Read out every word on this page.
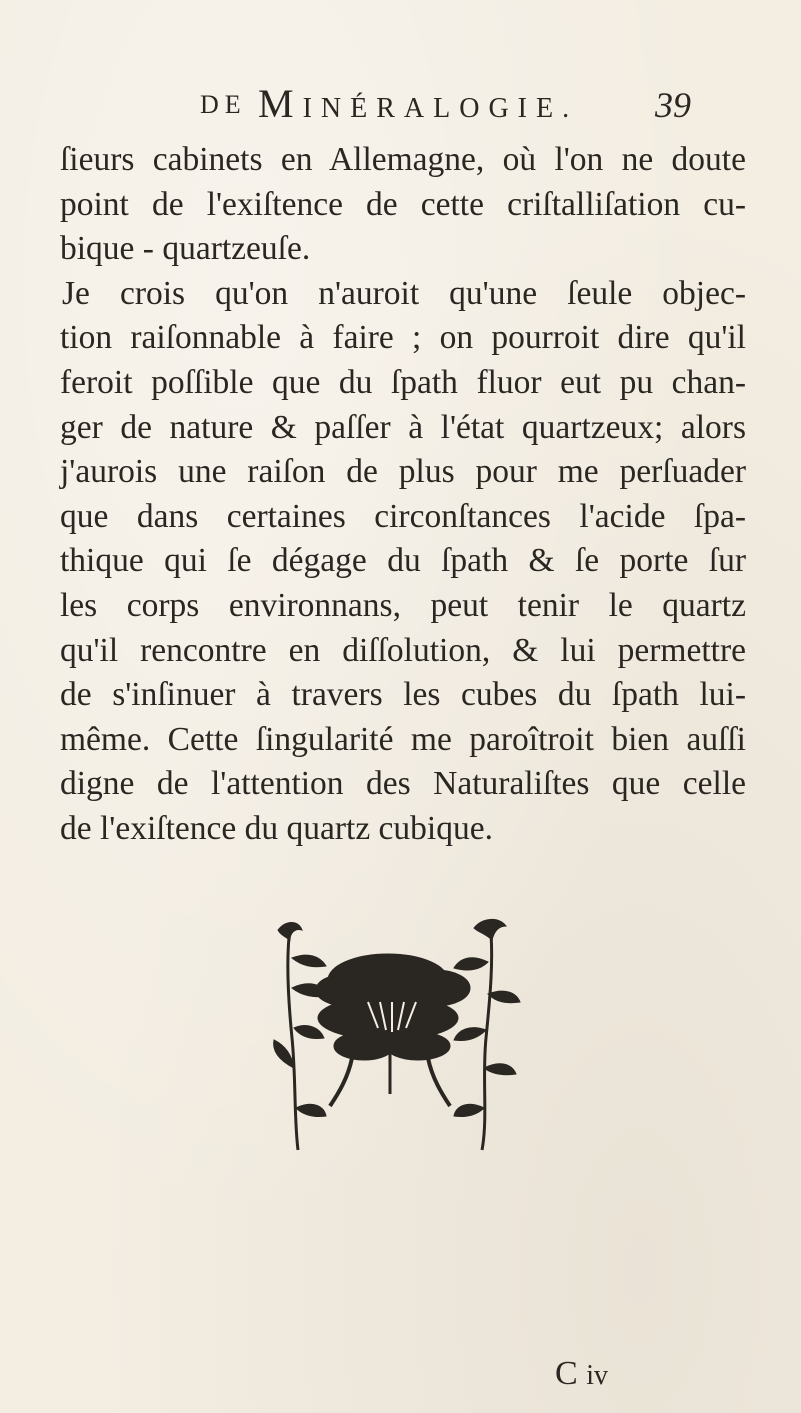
DE MINÉRALOGIE. 39
ſieurs cabinets en Allemagne, où l'on ne doute
point de l'exiſtence de cette criſtalliſation cu-
bique - quartzeuſe.
Je crois qu'on n'auroit qu'une ſeule objec-
tion raiſonnable à faire ; on pourroit dire qu'il
feroit poſſible que du ſpath fluor eut pu chan-
ger de nature & paſſer à l'état quartzeux; alors
j'aurois une raiſon de plus pour me perſuader
que dans certaines circonſtances l'acide ſpa-
thique qui ſe dégage du ſpath & ſe porte ſur
les corps environnans, peut tenir le quartz
qu'il rencontre en diſſolution, & lui permettre
de s'inſinuer à travers les cubes du ſpath lui-
même. Cette ſingularité me paroîtroit bien auſſi
digne de l'attention des Naturaliſtes que celle
de l'exiſtence du quartz cubique.
C iv
